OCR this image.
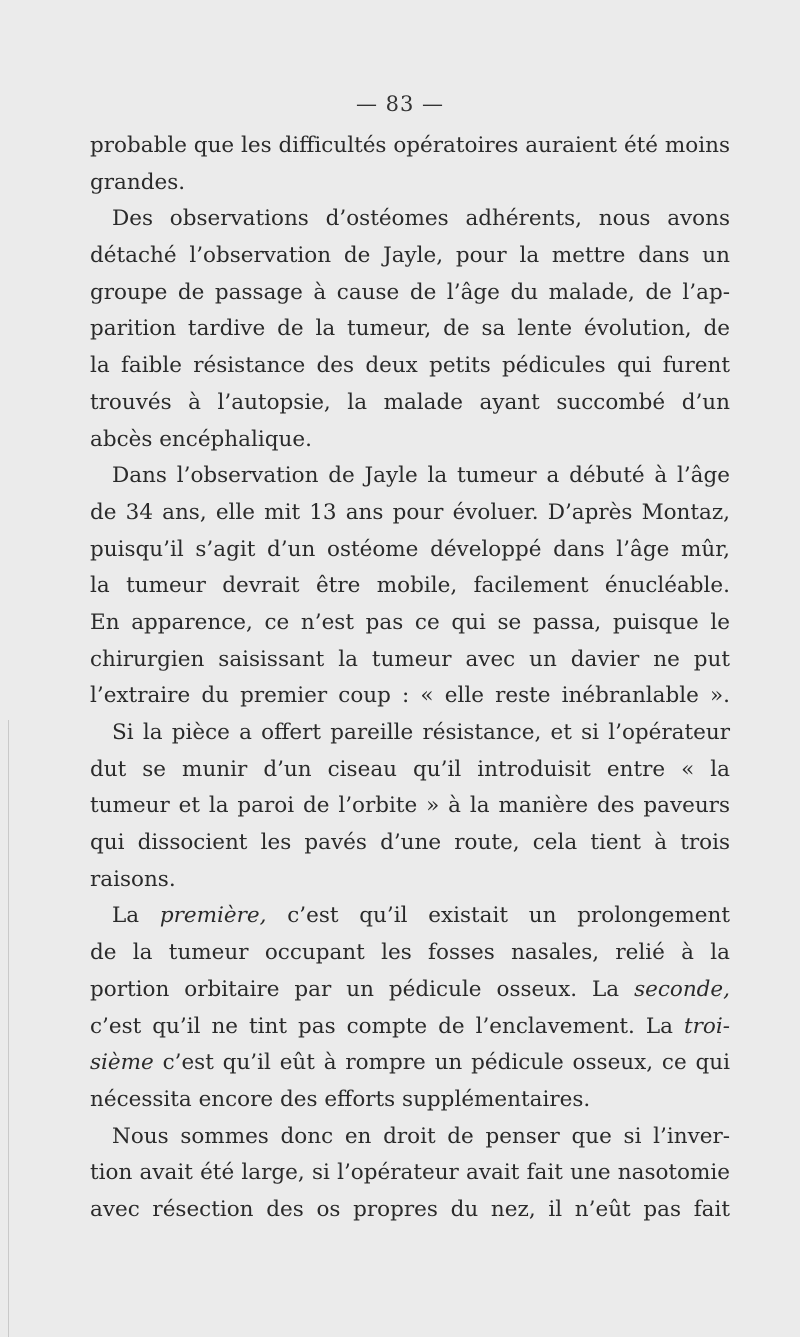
— 83 —
probable que les difficultés opératoires auraient été moins
grandes.
Des observations d’ostéomes adhérents, nous avons
détaché l’observation de Jayle, pour la mettre dans un
groupe de passage à cause de l’âge du malade, de l’ap-
parition tardive de la tumeur, de sa lente évolution, de
la faible résistance des deux petits pédicules qui furent
trouvés à l’autopsie, la malade ayant succombé d’un
abcès encéphalique.
Dans l’observation de Jayle la tumeur a débuté à l’âge
de 34 ans, elle mit 13 ans pour évoluer. D’après Montaz,
puisqu’il s’agit d’un ostéome développé dans l’âge mûr,
la tumeur devrait être mobile, facilement énucléable.
En apparence, ce n’est pas ce qui se passa, puisque le
chirurgien saisissant la tumeur avec un davier ne put
l’extraire du premier coup : « elle reste inébranlable ».
Si la pièce a offert pareille résistance, et si l’opérateur
dut se munir d’un ciseau qu’il introduisit entre « la
tumeur et la paroi de l’orbite » à la manière des paveurs
qui dissocient les pavés d’une route, cela tient à trois
raisons.
La première, c’est qu’il existait un prolongement
de la tumeur occupant les fosses nasales, relié à la
portion orbitaire par un pédicule osseux. La seconde,
c’est qu’il ne tint pas compte de l’enclavement. La troi-
sième c’est qu’il eût à rompre un pédicule osseux, ce qui
nécessita encore des efforts supplémentaires.
Nous sommes donc en droit de penser que si l’inver-
tion avait été large, si l’opérateur avait fait une nasotomie
avec résection des os propres du nez, il n’eût pas fait
